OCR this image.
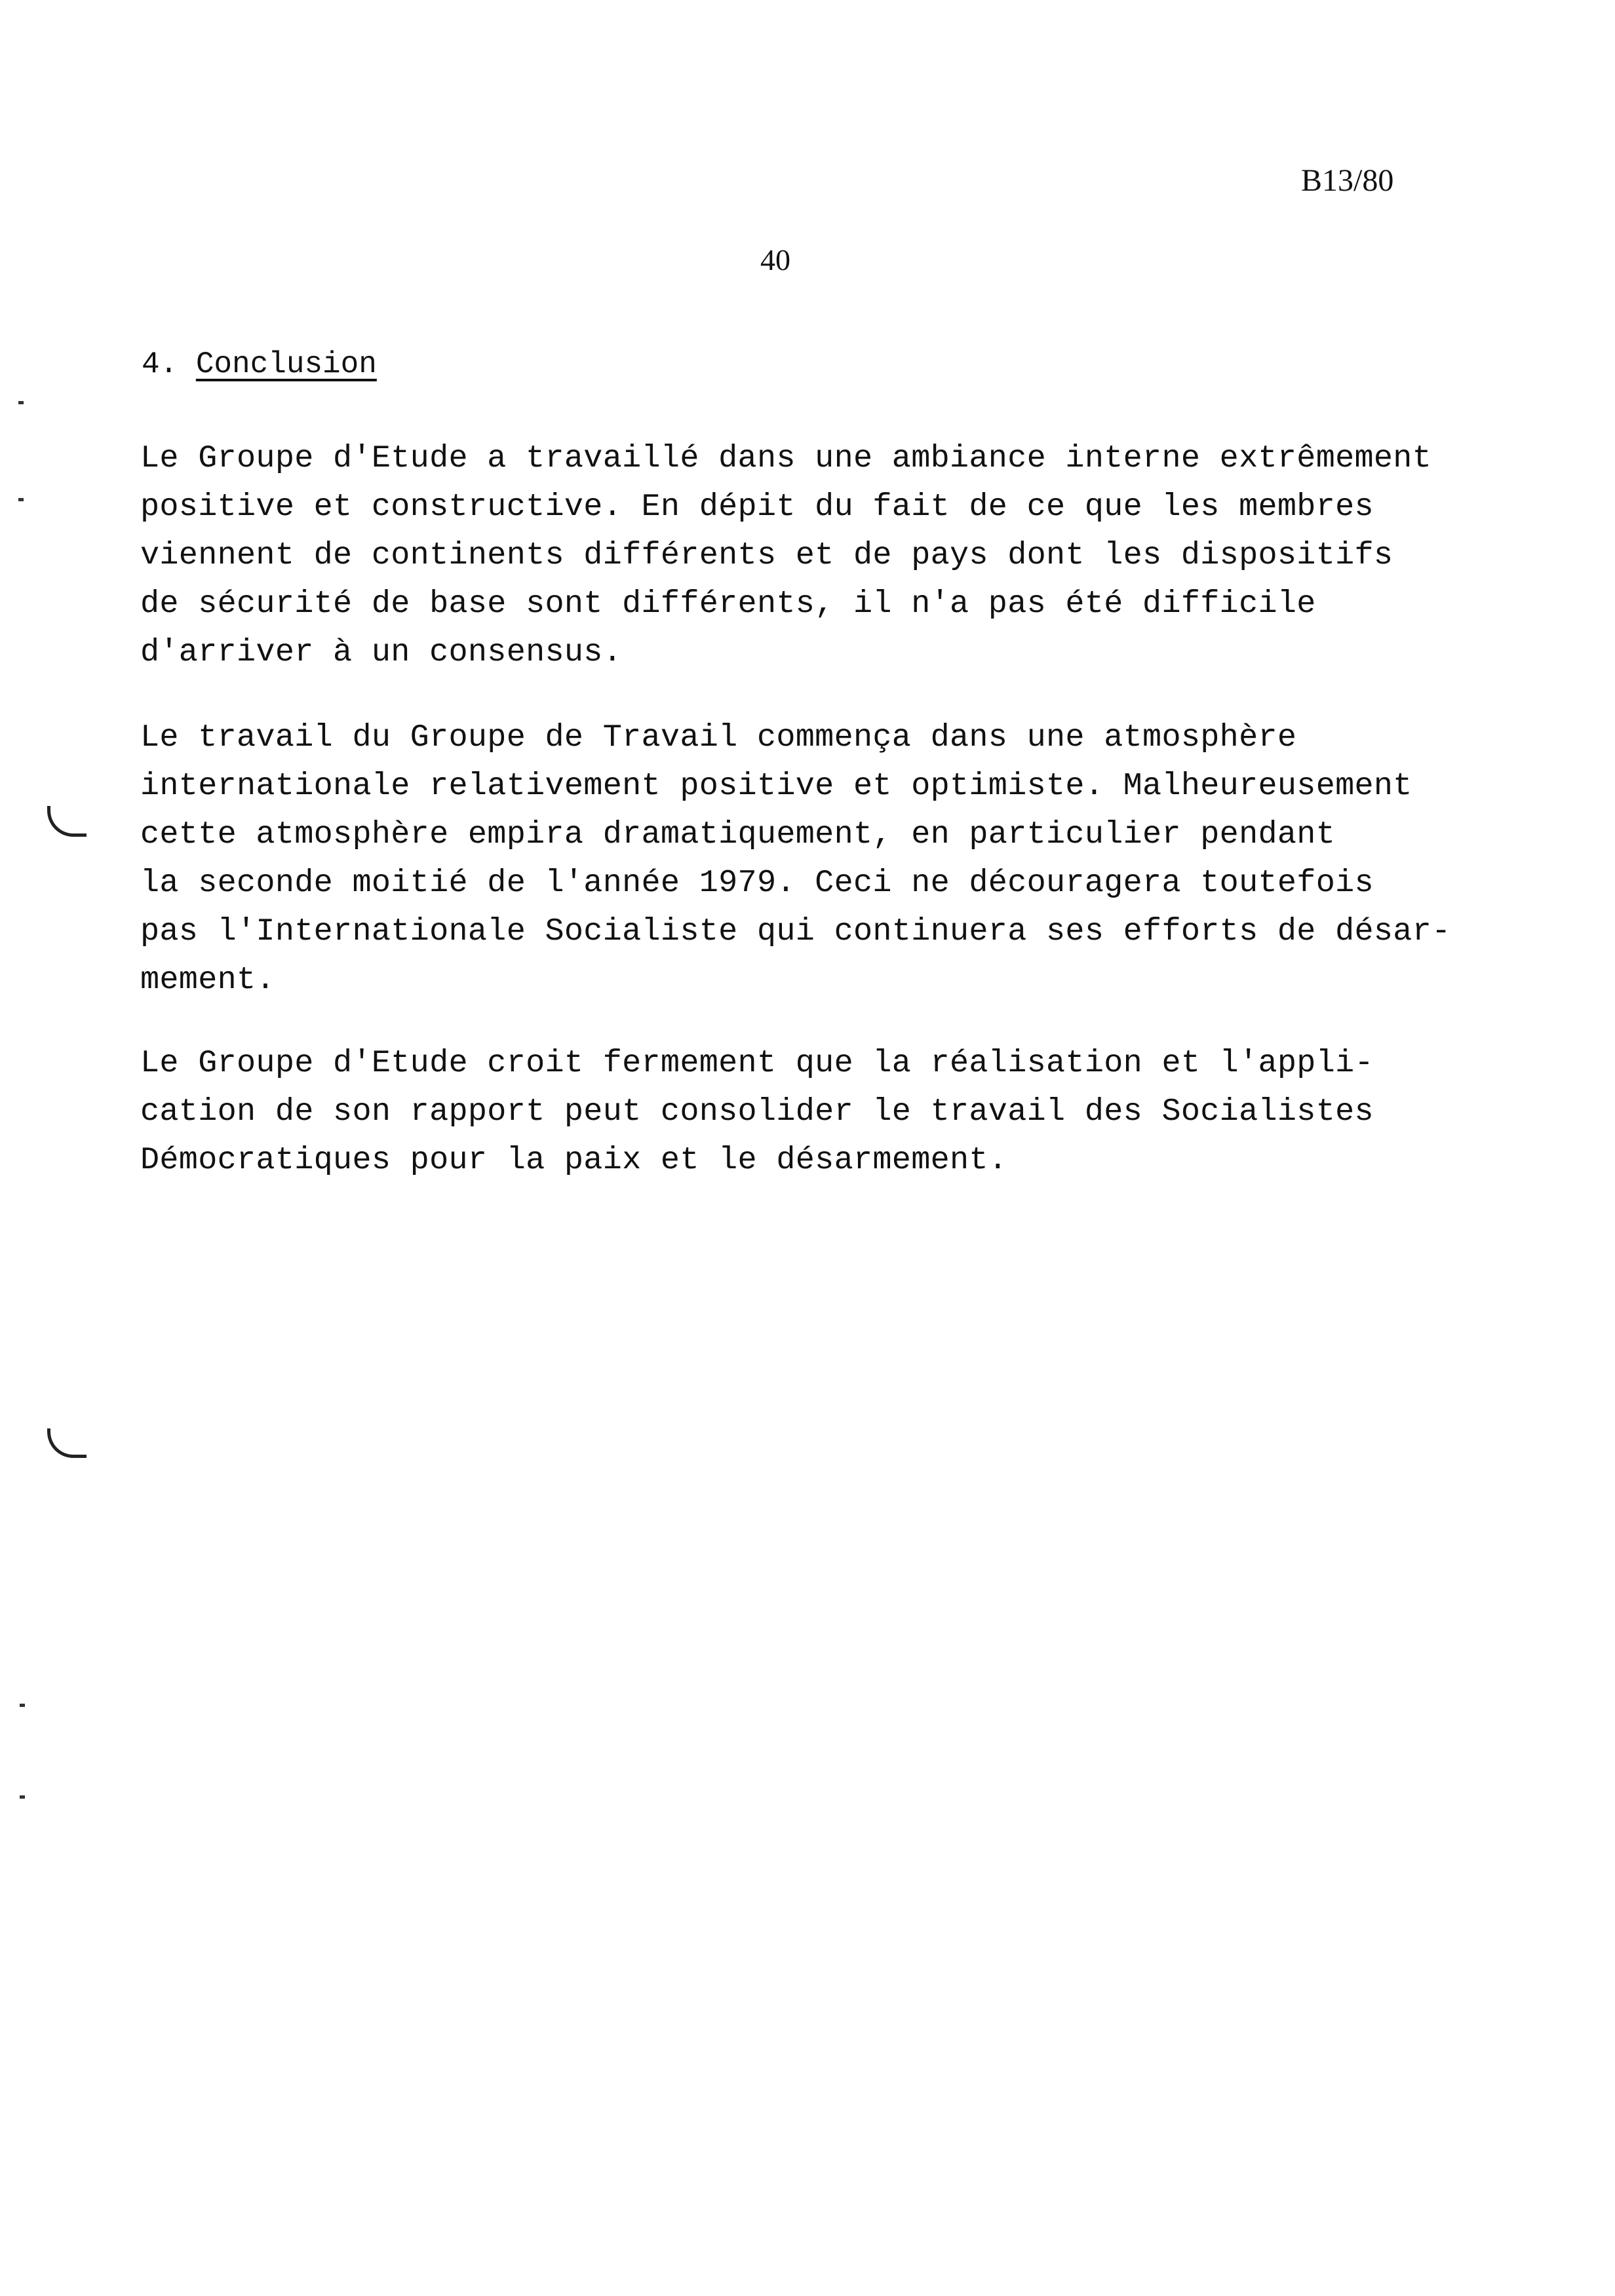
B13/80
40
4. Conclusion
Le Groupe d'Etude a travaillé dans une ambiance interne extrêmement
positive et constructive. En dépit du fait de ce que les membres
viennent de continents différents et de pays dont les dispositifs
de sécurité de base sont différents, il n'a pas été difficile
d'arriver à un consensus.
Le travail du Groupe de Travail commença dans une atmosphère
internationale relativement positive et optimiste. Malheureusement
cette atmosphère empira dramatiquement, en particulier pendant
la seconde moitié de l'année 1979. Ceci ne découragera toutefois
pas l'Internationale Socialiste qui continuera ses efforts de désar-
mement.
Le Groupe d'Etude croit fermement que la réalisation et l'appli-
cation de son rapport peut consolider le travail des Socialistes
Démocratiques pour la paix et le désarmement.
